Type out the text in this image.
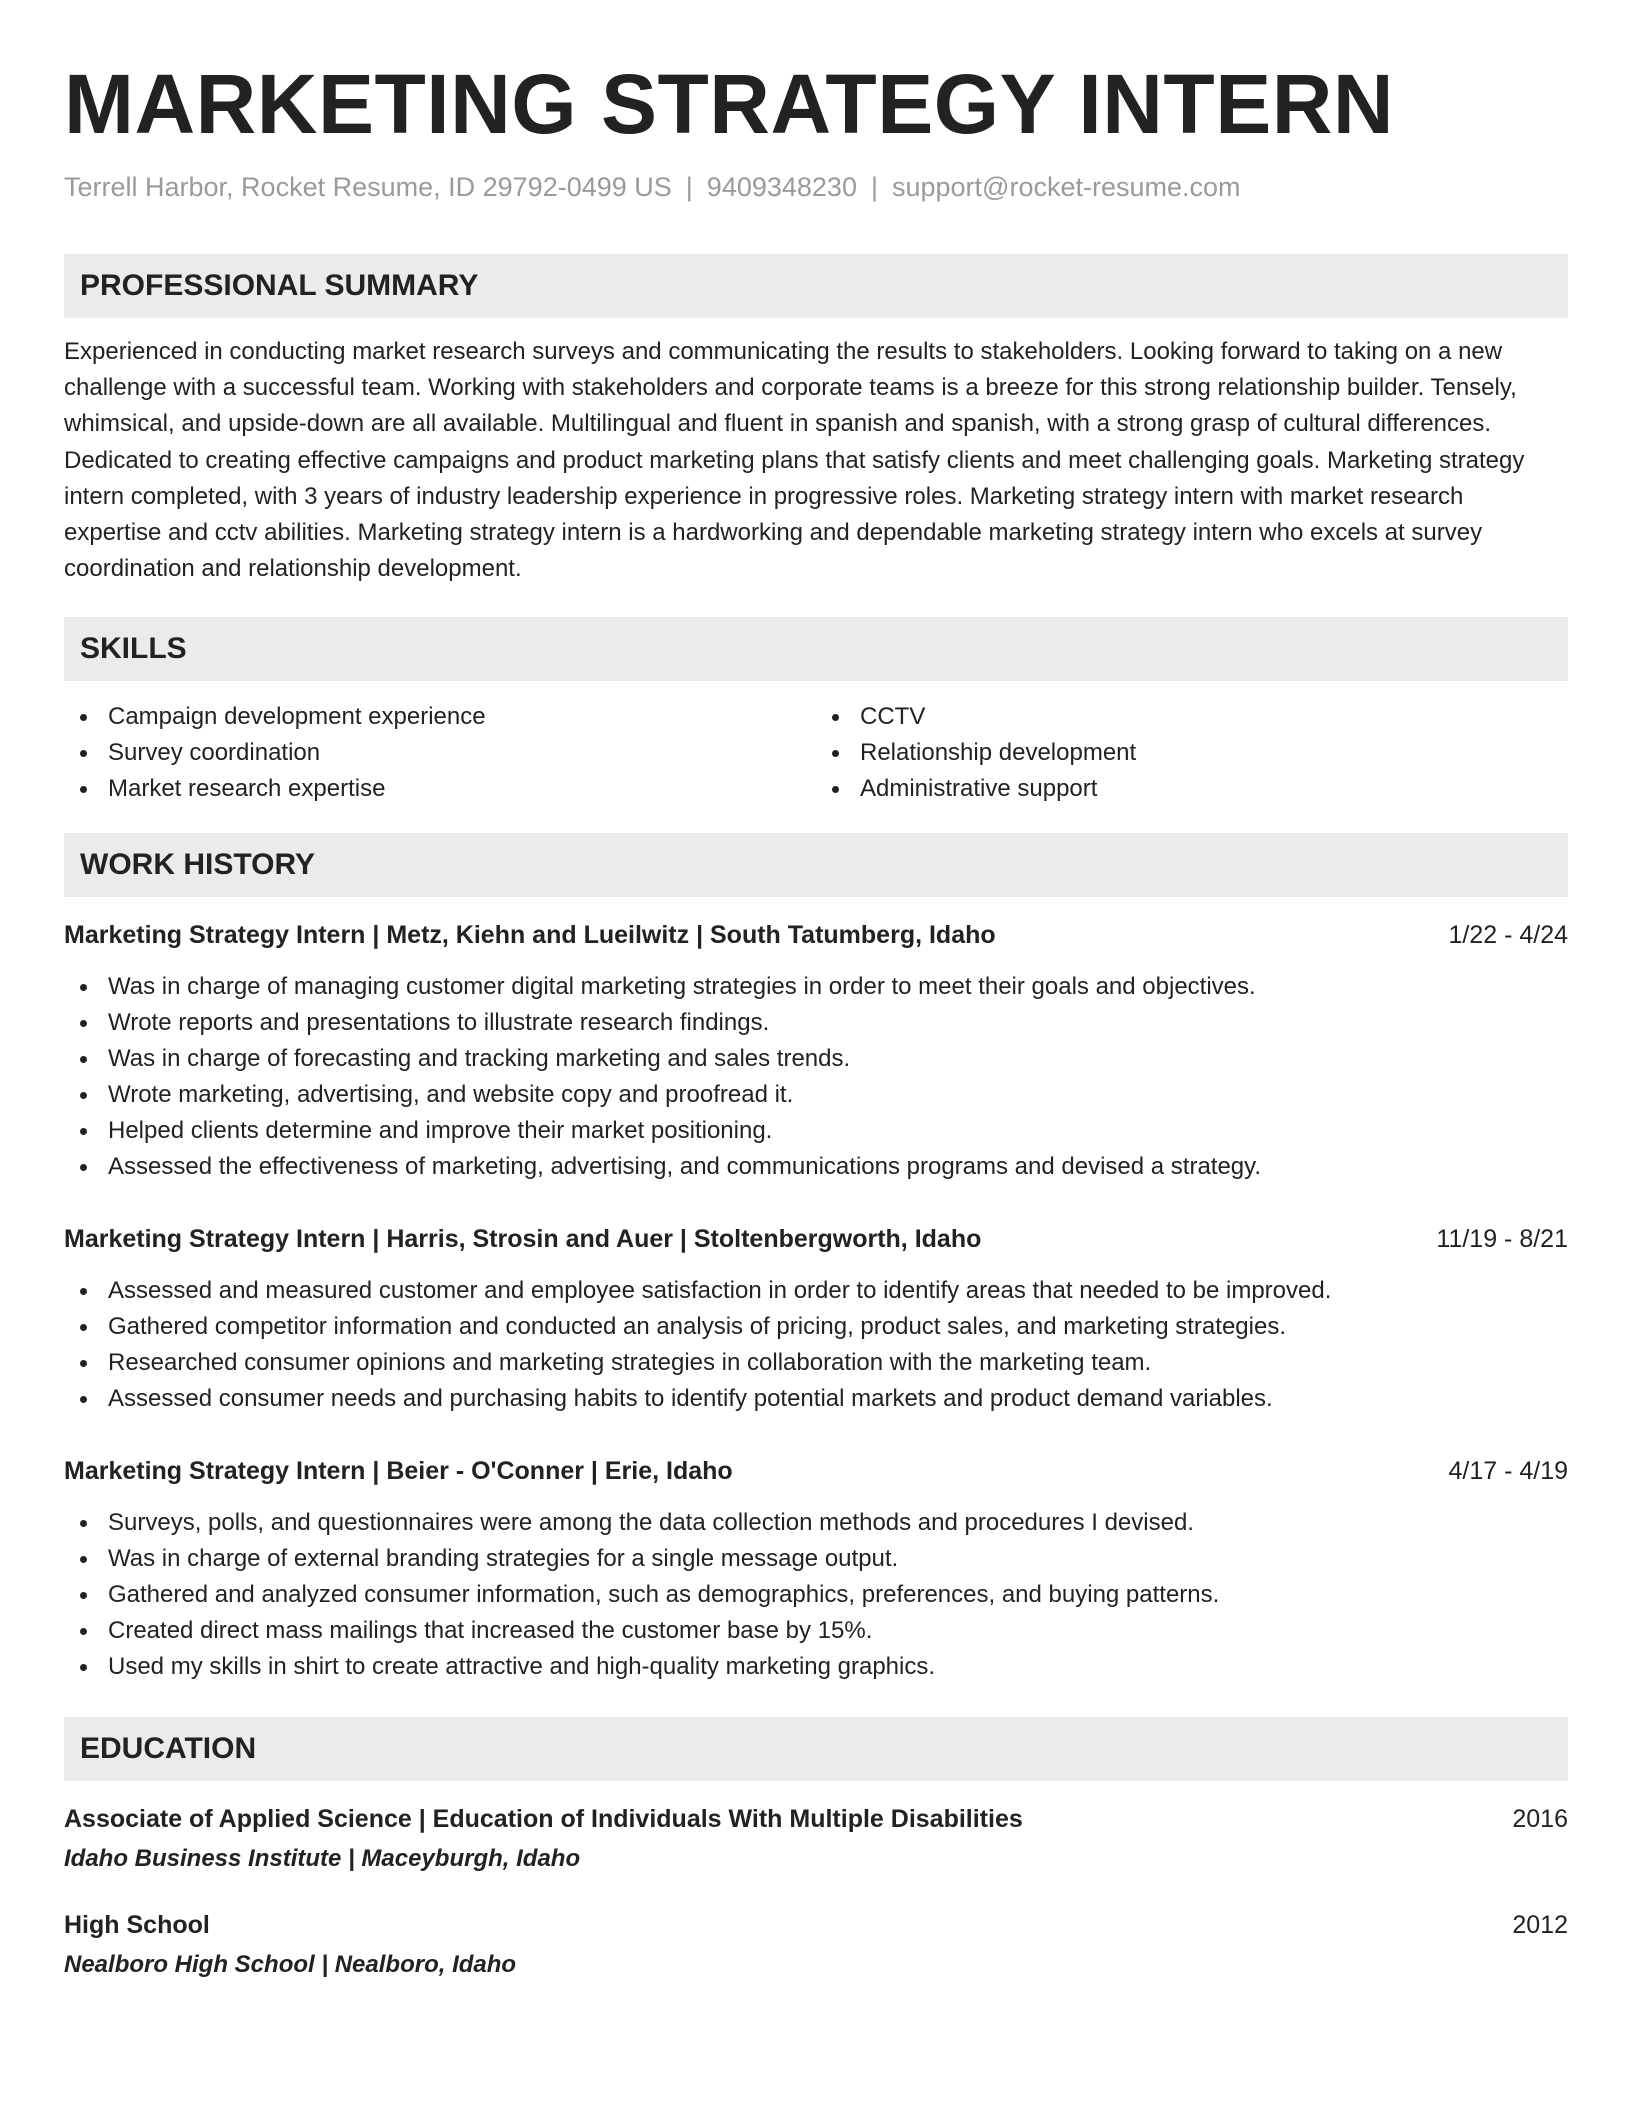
MARKETING STRATEGY INTERN
Terrell Harbor, Rocket Resume, ID 29792-0499 US | 9409348230 | support@rocket-resume.com
PROFESSIONAL SUMMARY
Experienced in conducting market research surveys and communicating the results to stakeholders. Looking forward to taking on a new challenge with a successful team. Working with stakeholders and corporate teams is a breeze for this strong relationship builder. Tensely, whimsical, and upside-down are all available. Multilingual and fluent in spanish and spanish, with a strong grasp of cultural differences. Dedicated to creating effective campaigns and product marketing plans that satisfy clients and meet challenging goals. Marketing strategy intern completed, with 3 years of industry leadership experience in progressive roles. Marketing strategy intern with market research expertise and cctv abilities. Marketing strategy intern is a hardworking and dependable marketing strategy intern who excels at survey coordination and relationship development.
SKILLS
Campaign development experience
Survey coordination
Market research expertise
CCTV
Relationship development
Administrative support
WORK HISTORY
Marketing Strategy Intern | Metz, Kiehn and Lueilwitz | South Tatumberg, Idaho	1/22 - 4/24
Was in charge of managing customer digital marketing strategies in order to meet their goals and objectives.
Wrote reports and presentations to illustrate research findings.
Was in charge of forecasting and tracking marketing and sales trends.
Wrote marketing, advertising, and website copy and proofread it.
Helped clients determine and improve their market positioning.
Assessed the effectiveness of marketing, advertising, and communications programs and devised a strategy.
Marketing Strategy Intern | Harris, Strosin and Auer | Stoltenbergworth, Idaho	11/19 - 8/21
Assessed and measured customer and employee satisfaction in order to identify areas that needed to be improved.
Gathered competitor information and conducted an analysis of pricing, product sales, and marketing strategies.
Researched consumer opinions and marketing strategies in collaboration with the marketing team.
Assessed consumer needs and purchasing habits to identify potential markets and product demand variables.
Marketing Strategy Intern | Beier - O'Conner | Erie, Idaho	4/17 - 4/19
Surveys, polls, and questionnaires were among the data collection methods and procedures I devised.
Was in charge of external branding strategies for a single message output.
Gathered and analyzed consumer information, such as demographics, preferences, and buying patterns.
Created direct mass mailings that increased the customer base by 15%.
Used my skills in shirt to create attractive and high-quality marketing graphics.
EDUCATION
Associate of Applied Science | Education of Individuals With Multiple Disabilities	2016
Idaho Business Institute | Maceyburgh, Idaho
High School	2012
Nealboro High School | Nealboro, Idaho
